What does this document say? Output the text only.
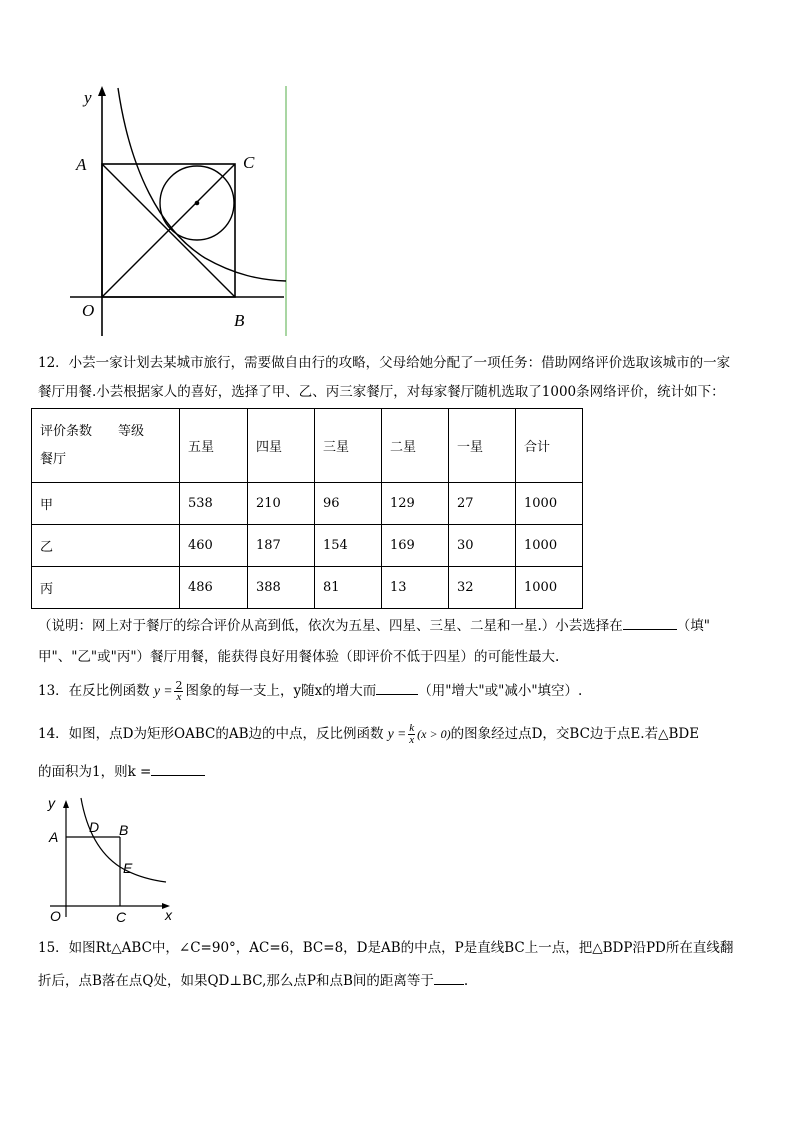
y
A	C
O
B
12．小芸一家计划去某城市旅行，需要做自由行的攻略，父母给她分配了一项任务：借助网络评价选取该城市的一家
餐厅用餐.小芸根据家人的喜好，选择了甲、乙、丙三家餐厅，对每家餐厅随机选取了1000条网络评价，统计如下：
评价条数　　等级
餐厅	五星	四星	三星	二星	一星	合计
甲	538	210	96	129	27	1000
乙	460	187	154	169	30	1000
丙	486	388	81	13	32	1000
（说明：网上对于餐厅的综合评价从高到低，依次为五星、四星、三星、二星和一星.）小芸选择在	（填"
甲"、"乙"或"丙"）餐厅用餐，能获得良好用餐体验（即评价不低于四星）的可能性最大.
13．在反比例函数 $y = \frac{2}{x}$ 图象的每一支上，y随x的增大而	（用"增大"或"减小"填空）.
14．如图，点D为矩形OABC的AB边的中点，反比例函数 $y = \frac{k}{x} (x > 0)$的图象经过点D，交BC边于点E.若△BDE
的面积为1，则k =
y
A
D B
E
O	C	x
15．如图Rt△ABC中，∠C=90°，AC=6，BC=8，D是AB的中点，P是直线BC上一点，把△BDP沿PD所在直线翻
折后，点B落在点Q处，如果QD⊥BC,那么点P和点B间的距离等于 .
